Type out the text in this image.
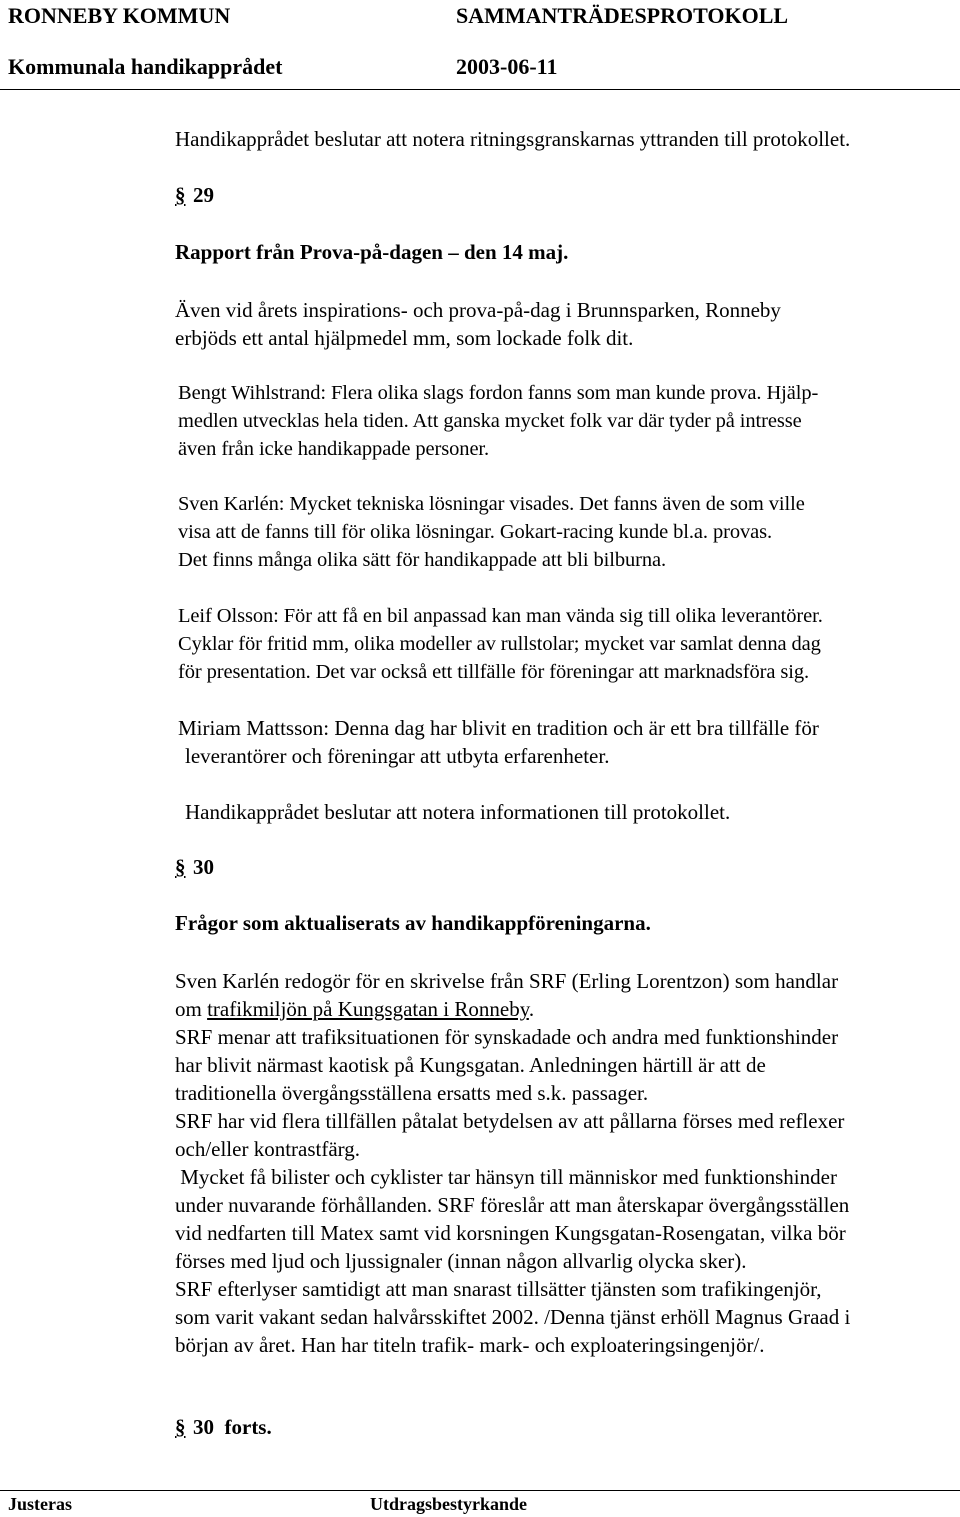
RONNEBY KOMMUN	SAMMANTRÄDESPROTOKOLL
Kommunala handikapprådet	2003-06-11
Handikapprådet beslutar att notera ritningsgranskarnas yttranden till protokollet.
§ 29
Rapport från Prova-på-dagen – den 14 maj.
Även vid årets inspirations- och prova-på-dag i Brunnsparken, Ronneby
erbjöds ett antal hjälpmedel mm, som lockade folk dit.
Bengt Wihlstrand: Flera olika slags fordon fanns som man kunde prova. Hjälp-
medlen utvecklas hela tiden. Att ganska mycket folk var där tyder på intresse
även från icke handikappade personer.
Sven Karlén: Mycket tekniska lösningar visades. Det fanns även de som ville
visa att de fanns till för olika lösningar. Gokart-racing kunde bl.a. provas.
Det finns många olika sätt för handikappade att bli bilburna.
Leif Olsson: För att få en bil anpassad kan man vända sig till olika leverantörer.
Cyklar för fritid mm, olika modeller av rullstolar; mycket var samlat denna dag
för presentation. Det var också ett tillfälle för föreningar att marknadsföra sig.
Miriam Mattsson: Denna dag har blivit en tradition och är ett bra tillfälle för
leverantörer och föreningar att utbyta erfarenheter.
Handikapprådet beslutar att notera informationen till protokollet.
§ 30
Frågor som aktualiserats av handikappföreningarna.
Sven Karlén redogör för en skrivelse från SRF (Erling Lorentzon) som handlar
om trafikmiljön på Kungsgatan i Ronneby.
SRF menar att trafiksituationen för synskadade och andra med funktionshinder
har blivit närmast kaotisk på Kungsgatan. Anledningen härtill är att de
traditionella övergångsställena ersatts med s.k. passager.
SRF har vid flera tillfällen påtalat betydelsen av att pållarna förses med reflexer
och/eller kontrastfärg.
Mycket få bilister och cyklister tar hänsyn till människor med funktionshinder
under nuvarande förhållanden. SRF föreslår att man återskapar övergångsställen
vid nedfarten till Matex samt vid korsningen Kungsgatan-Rosengatan, vilka bör
förses med ljud och ljussignaler (innan någon allvarlig olycka sker).
SRF efterlyser samtidigt att man snarast tillsätter tjänsten som trafikingenjör,
som varit vakant sedan halvårsskiftet 2002. /Denna tjänst erhöll Magnus Graad i
början av året. Han har titeln trafik- mark- och exploateringsingenjör/.
§ 30  forts.
Justeras	Utdragsbestyrkande
